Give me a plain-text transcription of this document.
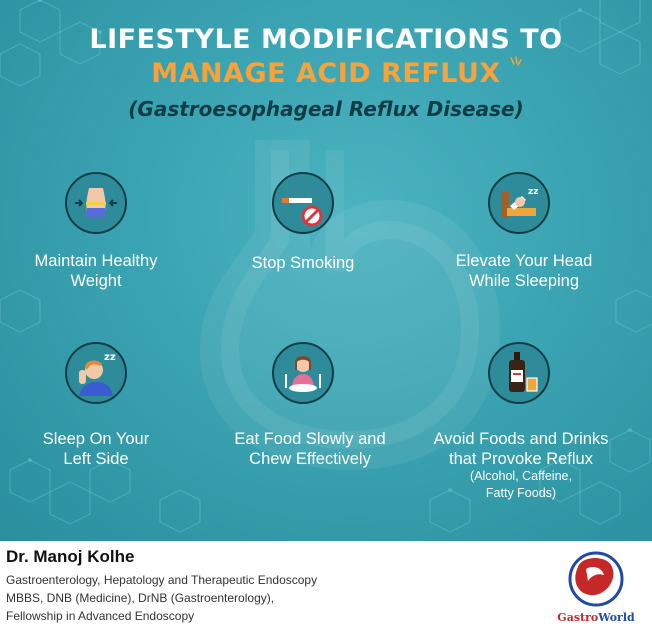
LIFESTYLE MODIFICATIONS TO
MANAGE ACID REFLUX
(Gastroesophageal Reflux Disease)
Maintain Healthy
Weight
Stop Smoking
zz
Elevate Your Head
While Sleeping
zz
Sleep On Your
Left Side
Eat Food Slowly and
Chew Effectively
Avoid Foods and Drinks
that Provoke Reflux
(Alcohol, Caffeine,
Fatty Foods)
Dr. Manoj Kolhe
Gastroenterology, Hepatology and Therapeutic Endoscopy
MBBS, DNB (Medicine), DrNB (Gastroenterology),
Fellowship in Advanced Endoscopy	GastroWorld
